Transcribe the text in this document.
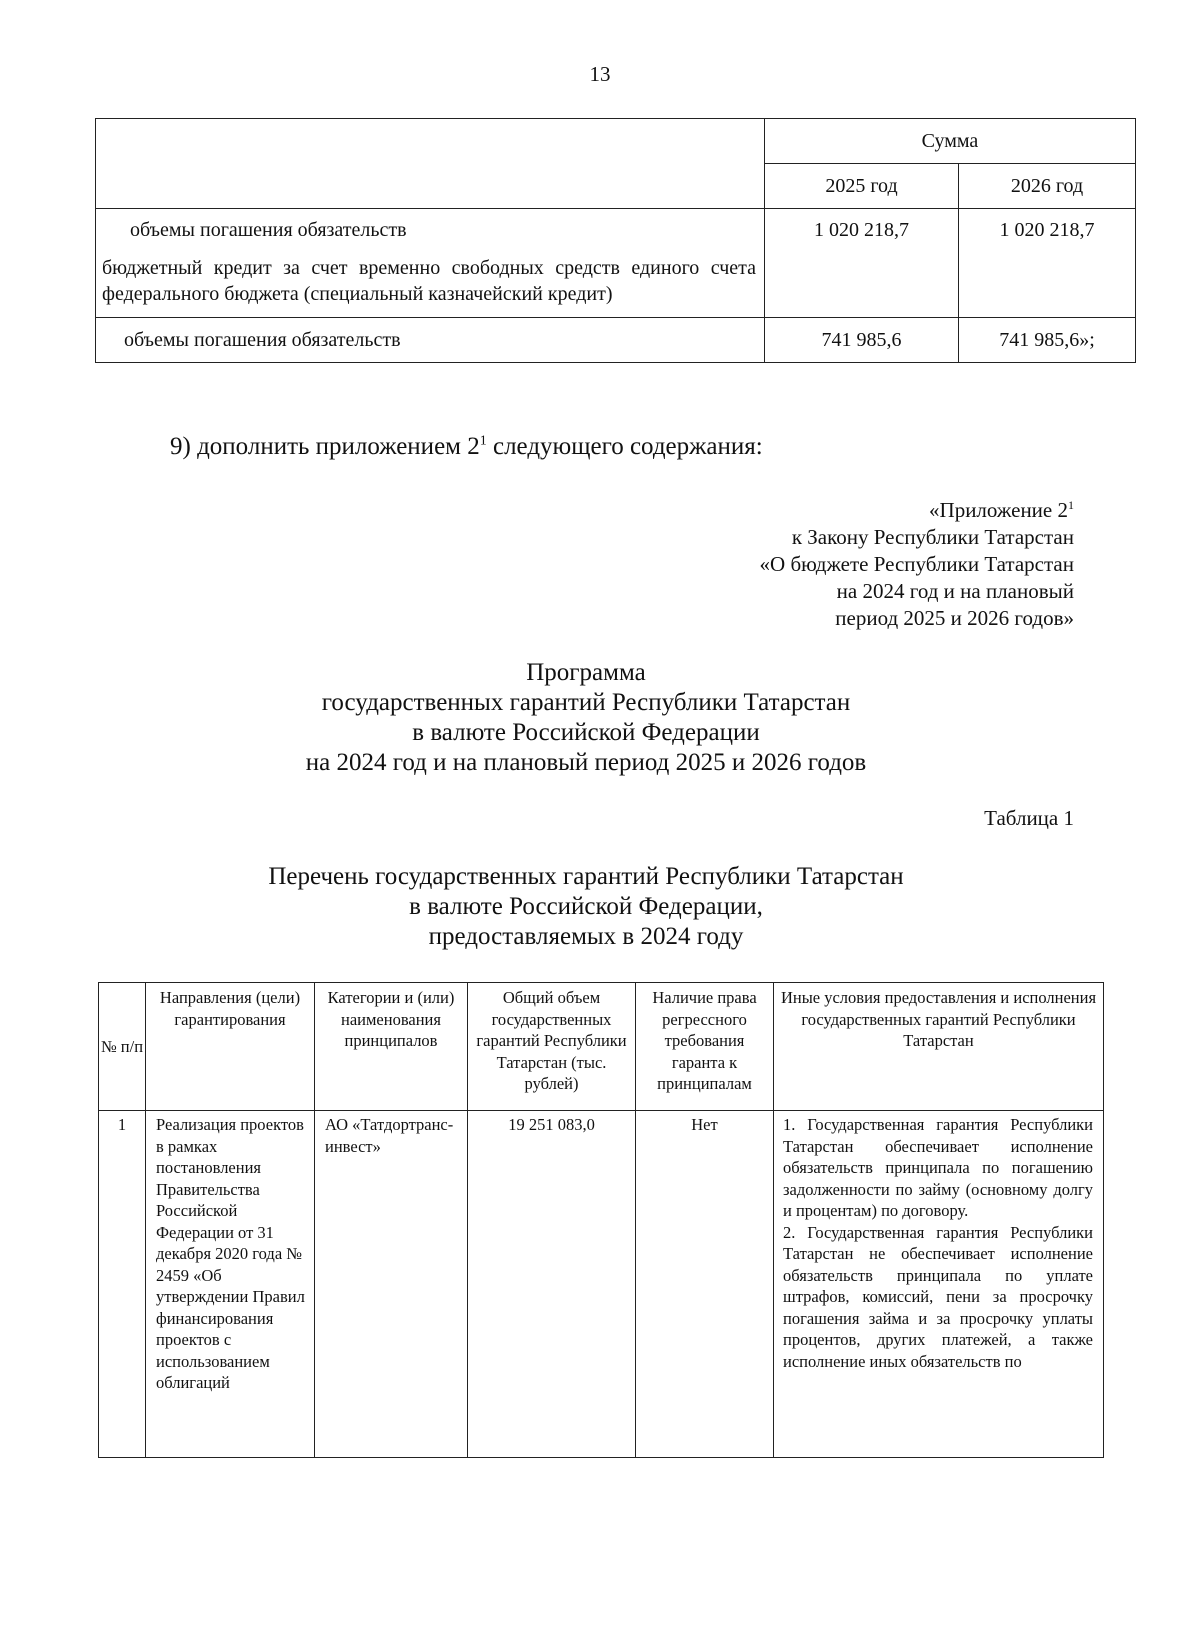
13
	Сумма	
	2025 год	2026 год

объемы погашения обязательств
бюджетный кредит за счет временно свободных средств единого счета федерального бюджета (специальный казначейский кредит)	1 020 218,7	1 020 218,7
объемы погашения обязательств	741 985,6	741 985,6»;
9) дополнить приложением $2^1$ следующего содержания:
«Приложение $2^1$
к Закону Республики Татарстан
«О бюджете Республики Татарстан
на 2024 год и на плановый
период 2025 и 2026 годов»
Программа
государственных гарантий Республики Татарстан
в валюте Российской Федерации
на 2024 год и на плановый период 2025 и 2026 годов
Таблица 1
Перечень государственных гарантий Республики Татарстан
в валюте Российской Федерации,
предоставляемых в 2024 году
№ п/п	Направления (цели) гарантирования	Категории и (или) наименования принципалов	Общий объем государственных гарантий Республики Татарстан (тыс. рублей)	Наличие права регрессного требования гаранта к принципалам	Иные условия предоставления и исполнения государственных гарантий Республики Татарстан
1	Реализация проектов в рамках постановления Правительства Российской Федерации от 31 декабря 2020 года № 2459 «Об утверждении Правил финансирования проектов с использованием облигаций	АО «Татдортранс-инвест»	19 251 083,0	Нет	1. Государственная гарантия Республики Татарстан обеспечивает исполнение обязательств принципала по погашению задолженности по займу (основному долгу и процентам) по договору.

2. Государственная гарантия Республики Татарстан не обеспечивает исполнение обязательств принципала по уплате штрафов, комиссий, пени за просрочку погашения займа и за просрочку уплаты процентов, других платежей, а также исполнение иных обязательств по
